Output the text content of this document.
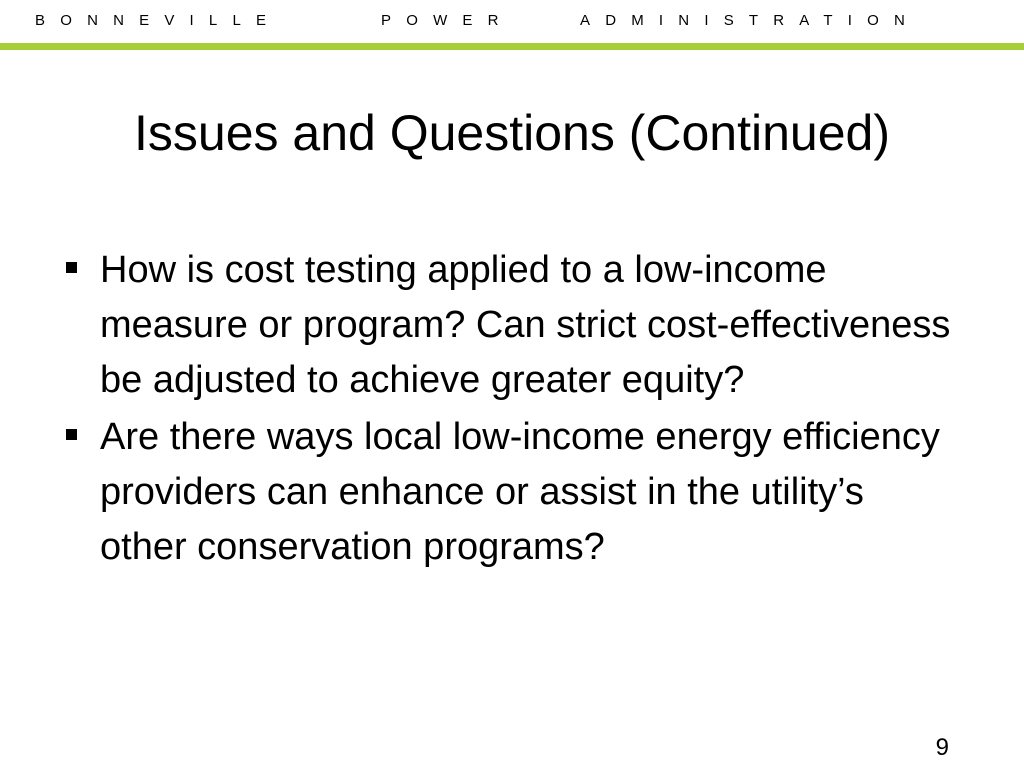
BONNEVILLE	POWER	ADMINISTRATION
Issues and Questions (Continued)
How is cost testing applied to a low-income measure or program? Can strict cost-effectiveness be adjusted to achieve greater equity?
Are there ways local low-income energy efficiency providers can enhance or assist in the utility’s other conservation programs?
9
